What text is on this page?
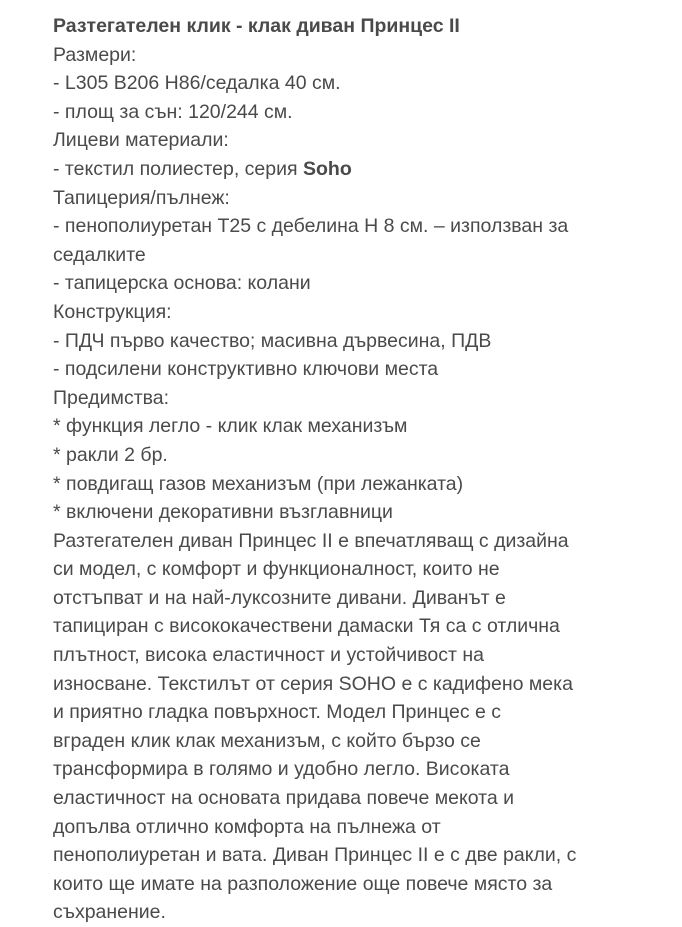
Разтегателен клик - клак диван Принцес II
Размери:
- L305 B206 H86/седалка 40 см.
- площ за сън: 120/244 см.
Лицеви материали:
- текстил полиестер, серия Soho
Тапицерия/пълнеж:
- пенополиуретан Т25 с дебелина Н 8 см. – използван за
седалките
- тапицерска основа: колани
Конструкция:
- ПДЧ първо качество; масивна дървесина, ПДВ
- подсилени конструктивно ключови места
Предимства:
* функция легло - клик клак механизъм
* ракли 2 бр.
* повдигащ газов механизъм (при лежанката)
* включени декоративни възглавници
Разтегателен диван Принцес II е впечатляващ с дизайна
си модел, с комфорт и функционалност, които не
отстъпват и на най-луксозните дивани. Диванът е
тапициран с висококачествени дамаски Тя са с отлична
плътност, висока еластичност и устойчивост на
износване. Текстилът от серия SOHO е с кадифено мека
и приятно гладка повърхност. Модел Принцес е с
вграден клик клак механизъм, с който бързо се
трансформира в голямо и удобно легло. Високата
еластичност на основата придава повече мекота и
допълва отлично комфорта на пълнежа от
пенополиуретан и вата. Диван Принцес II е с две ракли, с
които ще имате на разположение още повече място за
съхранение.
